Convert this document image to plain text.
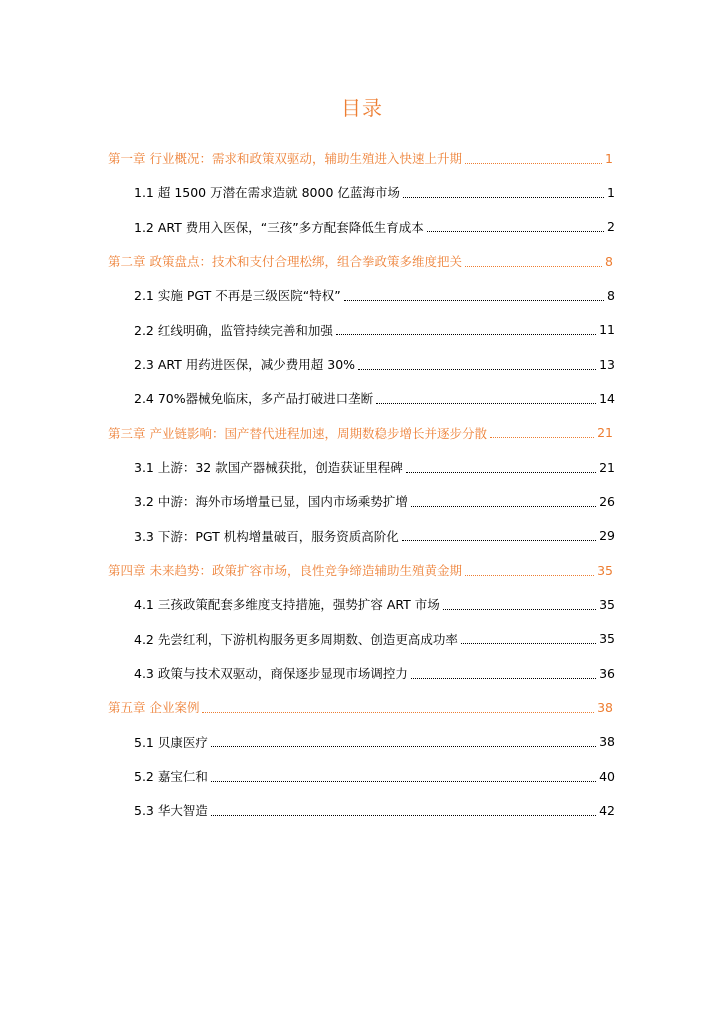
目录
第一章 行业概况：需求和政策双驱动，辅助生殖进入快速上升期	1
1.1 超 1500 万潜在需求造就 8000 亿蓝海市场	1
1.2 ART 费用入医保，“三孩”多方配套降低生育成本	2
第二章 政策盘点：技术和支付合理松绑，组合拳政策多维度把关	8
2.1 实施 PGT 不再是三级医院“特权”	8
2.2 红线明确，监管持续完善和加强	11
2.3 ART 用药进医保，减少费用超 30%	13
2.4 70%器械免临床，多产品打破进口垄断	14
第三章 产业链影响：国产替代进程加速，周期数稳步增长并逐步分散	21
3.1 上游：32 款国产器械获批，创造获证里程碑	21
3.2 中游：海外市场增量已显，国内市场乘势扩增	26
3.3 下游：PGT 机构增量破百，服务资质高阶化	29
第四章 未来趋势：政策扩容市场，良性竞争缔造辅助生殖黄金期	35
4.1 三孩政策配套多维度支持措施，强势扩容 ART 市场	35
4.2 先尝红利，下游机构服务更多周期数、创造更高成功率	35
4.3 政策与技术双驱动，商保逐步显现市场调控力	36
第五章 企业案例	38
5.1 贝康医疗	38
5.2 嘉宝仁和	40
5.3 华大智造	42
